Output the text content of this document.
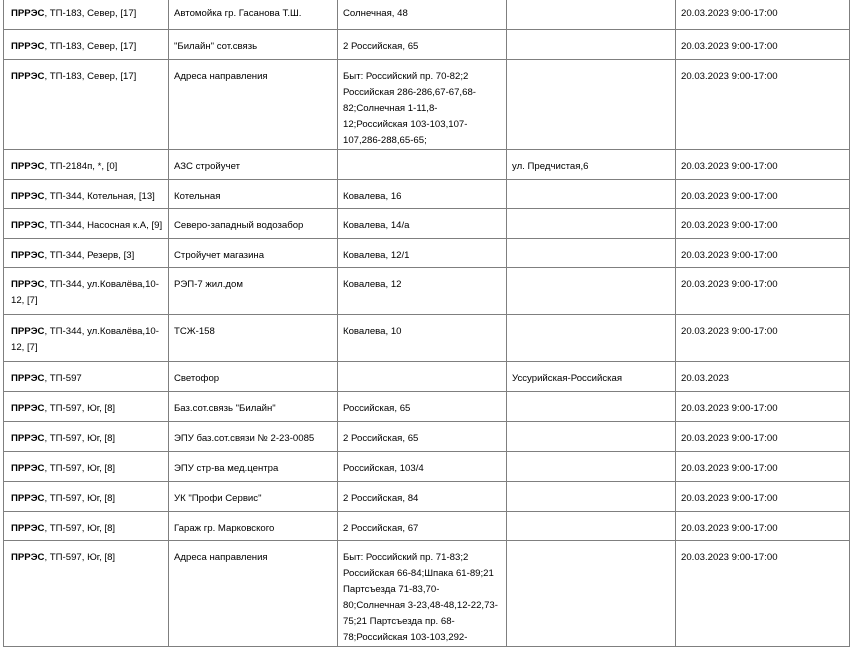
ПРРЭС, ТП-183, Север, [17]	Автомойка гр. Гасанова Т.Ш.	Солнечная, 48		20.03.2023 9:00-17:00
ПРРЭС, ТП-183, Север, [17]	"Билайн" сот.связь	2 Российская, 65		20.03.2023 9:00-17:00
ПРРЭС, ТП-183, Север, [17]	Адреса направления	Быт: Российский пр. 70-82;2 Российская 286-286,67-67,68-82;Солнечная 1-11,8-12;Российская 103-103,107-107,286-288,65-65;		20.03.2023 9:00-17:00
ПРРЭС, ТП-2184п, *, [0]	АЗС стройучет		ул. Предчистая,6	20.03.2023 9:00-17:00
ПРРЭС, ТП-344, Котельная, [13]	Котельная	Ковалева, 16		20.03.2023 9:00-17:00
ПРРЭС, ТП-344, Насосная к.А, [9]	Северо-западный водозабор	Ковалева, 14/а		20.03.2023 9:00-17:00
ПРРЭС, ТП-344, Резерв, [3]	Стройучет магазина	Ковалева, 12/1		20.03.2023 9:00-17:00
ПРРЭС, ТП-344, ул.Ковалёва,10-12, [7]	РЭП-7 жил.дом	Ковалева, 12		20.03.2023 9:00-17:00
ПРРЭС, ТП-344, ул.Ковалёва,10-12, [7]	ТСЖ-158	Ковалева, 10		20.03.2023 9:00-17:00
ПРРЭС, ТП-597	Светофор		Уссурийская-Российская	20.03.2023
ПРРЭС, ТП-597, Юг, [8]	Баз.сот.связь "Билайн"	Российская, 65		20.03.2023 9:00-17:00
ПРРЭС, ТП-597, Юг, [8]	ЭПУ баз.сот.связи № 2-23-0085	2 Российская, 65		20.03.2023 9:00-17:00
ПРРЭС, ТП-597, Юг, [8]	ЭПУ стр-ва мед.центра	Российская, 103/4		20.03.2023 9:00-17:00
ПРРЭС, ТП-597, Юг, [8]	УК "Профи Сервис"	2 Российская, 84		20.03.2023 9:00-17:00
ПРРЭС, ТП-597, Юг, [8]	Гараж гр. Марковского	2 Российская, 67		20.03.2023 9:00-17:00
ПРРЭС, ТП-597, Юг, [8]	Адреса направления	Быт: Российский пр. 71-83;2 Российская 66-84;Шпака 61-89;21 Партсъезда 71-83,70-80;Солнечная 3-23,48-48,12-22,73-75;21 Партсъезда пр. 68-78;Российская 103-103,292-		20.03.2023 9:00-17:00
